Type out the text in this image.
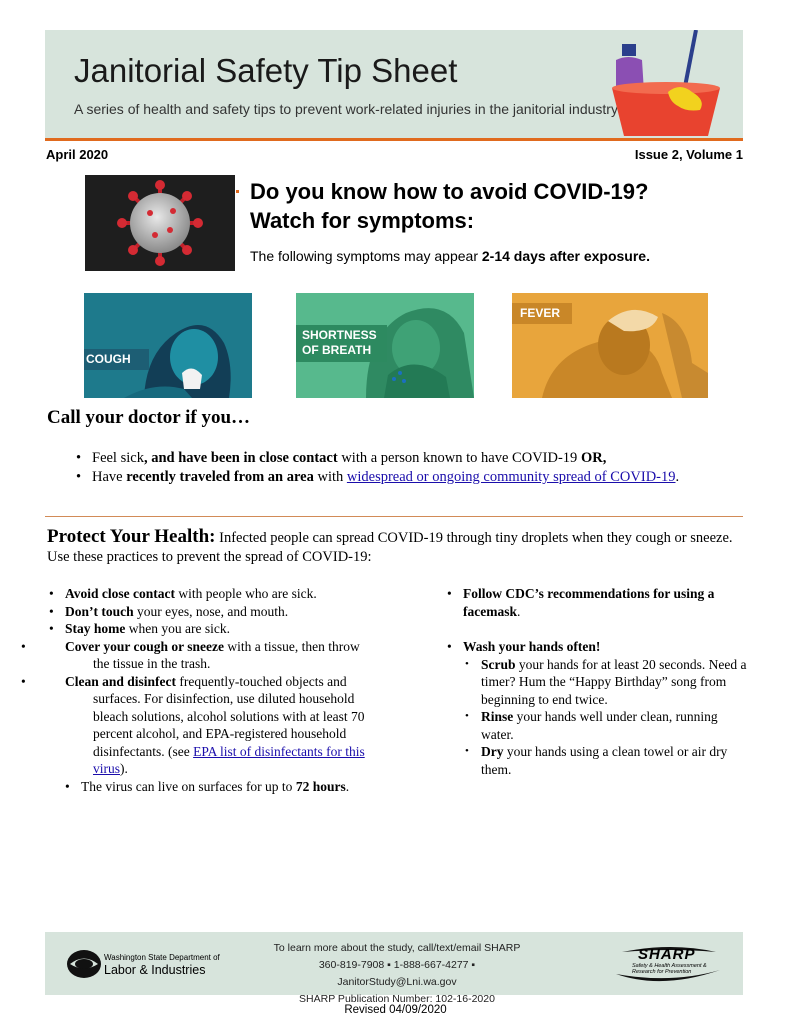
Janitorial Safety Tip Sheet
A series of health and safety tips to prevent work-related injuries in the janitorial industry
April 2020	Issue 2, Volume 1
Do you know how to avoid COVID-19?
Watch for symptoms:
The following symptoms may appear 2-14 days after exposure.
COUGH
SHORTNESS
OF BREATH
FEVER
Call your doctor if you…
• Feel sick, and have been in close contact with a person known to have COVID-19 OR,
• Have recently traveled from an area with widespread or ongoing community spread of COVID-19.
Protect Your Health: Infected people can spread COVID-19 through tiny droplets when they cough or sneeze. Use these practices to prevent the spread of COVID-19:
• Avoid close contact with people who are sick.
• Don’t touch your eyes, nose, and mouth.
• Stay home when you are sick.
• Cover your cough or sneeze with a tissue, then throw the tissue in the trash.
• Clean and disinfect frequently-touched objects and surfaces. For disinfection, use diluted household bleach solutions, alcohol solutions with at least 70 percent alcohol, and EPA-registered household disinfectants. (see EPA list of disinfectants for this virus).
• The virus can live on surfaces for up to 72 hours.
• Follow CDC’s recommendations for using a facemask.
• Wash your hands often!
• Scrub your hands for at least 20 seconds. Need a timer? Hum the “Happy Birthday” song from beginning to end twice.
• Rinse your hands well under clean, running water.
• Dry your hands using a clean towel or air dry them.
Washington State Department of
Labor & Industries
To learn more about the study, call/text/email SHARP
360-819-7908 ▪ 1-888-667-4277 ▪ JanitorStudy@Lni.wa.gov
SHARP Publication Number: 102-16-2020
SHARP
Safety & Health Assessment & Research for Prevention
Revised 04/09/2020
